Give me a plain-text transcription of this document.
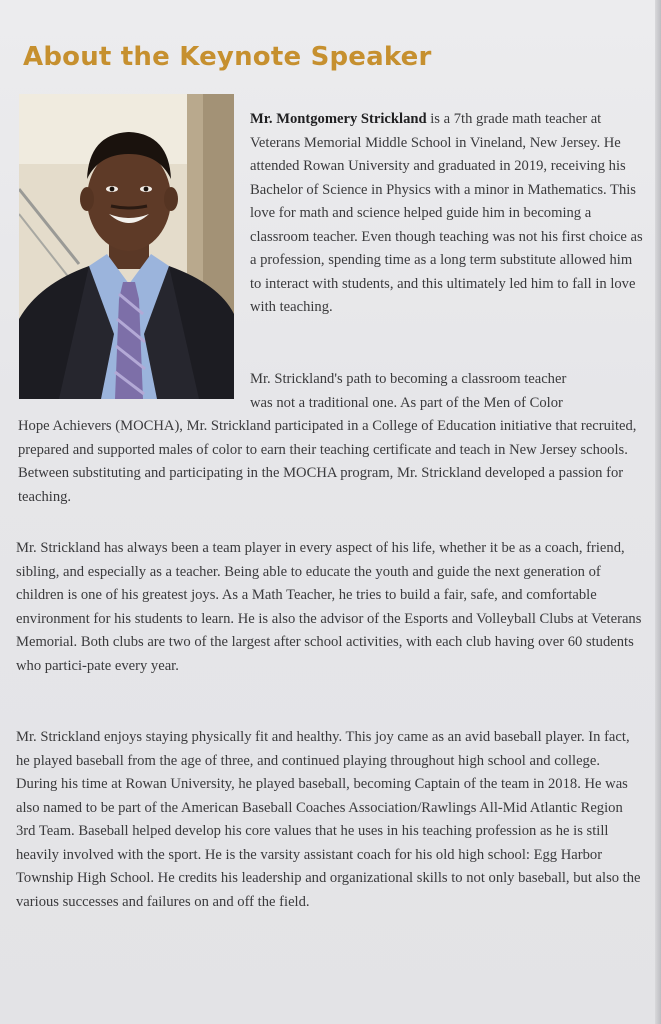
About the Keynote Speaker

Mr. Montgomery Strickland is a 7th grade math teacher at Veterans Memorial Middle School in Vineland, New Jersey. He attended Rowan University and graduated in 2019, receiving his Bachelor of Science in Physics with a minor in Mathematics. This love for math and science helped guide him in becoming a classroom teacher. Even though teaching was not his first choice as a profession, spending time as a long term substitute allowed him to interact with students, and this ultimately led him to fall in love with teaching.

Mr. Strickland's path to becoming a classroom teacher

was not a traditional one. As part of the Men of Color

Hope Achievers (MOCHA), Mr. Strickland participated in a College of Education initiative that recruited, prepared and supported males of color to earn their teaching certificate and teach in New Jersey schools. Between substituting and participating in the MOCHA program, Mr. Strickland developed a passion for teaching.

Mr. Strickland has always been a team player in every aspect of his life, whether it be as a coach, friend, sibling, and especially as a teacher. Being able to educate the youth and guide the next generation of children is one of his greatest joys. As a Math Teacher, he tries to build a fair, safe, and comfortable environment for his students to learn. He is also the advisor of the Esports and Volleyball Clubs at Veterans Memorial. Both clubs are two of the largest after school activities, with each club having over 60 students who partici-pate every year.

Mr. Strickland enjoys staying physically fit and healthy. This joy came as an avid baseball player. In fact, he played baseball from the age of three, and continued playing throughout high school and college. During his time at Rowan University, he played baseball, becoming Captain of the team in 2018. He was also named to be part of the American Baseball Coaches Association/Rawlings All-Mid Atlantic Region 3rd Team. Baseball helped develop his core values that he uses in his teaching profession as he is still heavily involved with the sport. He is the varsity assistant coach for his old high school: Egg Harbor Township High School. He credits his leadership and organizational skills to not only baseball, but also the various successes and failures on and off the field.
